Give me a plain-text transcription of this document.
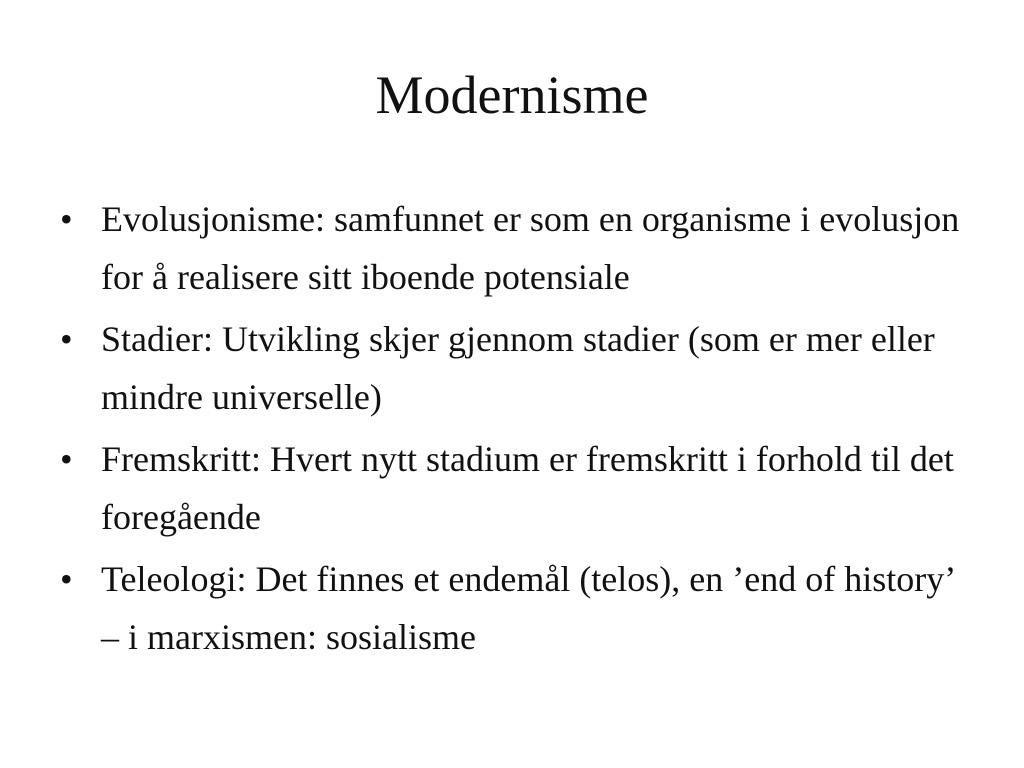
Modernisme
• Evolusjonisme: samfunnet er som en organisme i evolusjon for å realisere sitt iboende potensiale
• Stadier: Utvikling skjer gjennom stadier (som er mer eller mindre universelle)
• Fremskritt: Hvert nytt stadium er fremskritt i forhold til det foregående
• Teleologi: Det finnes et endemål (telos), en ’end of history’ – i marxismen: sosialisme
